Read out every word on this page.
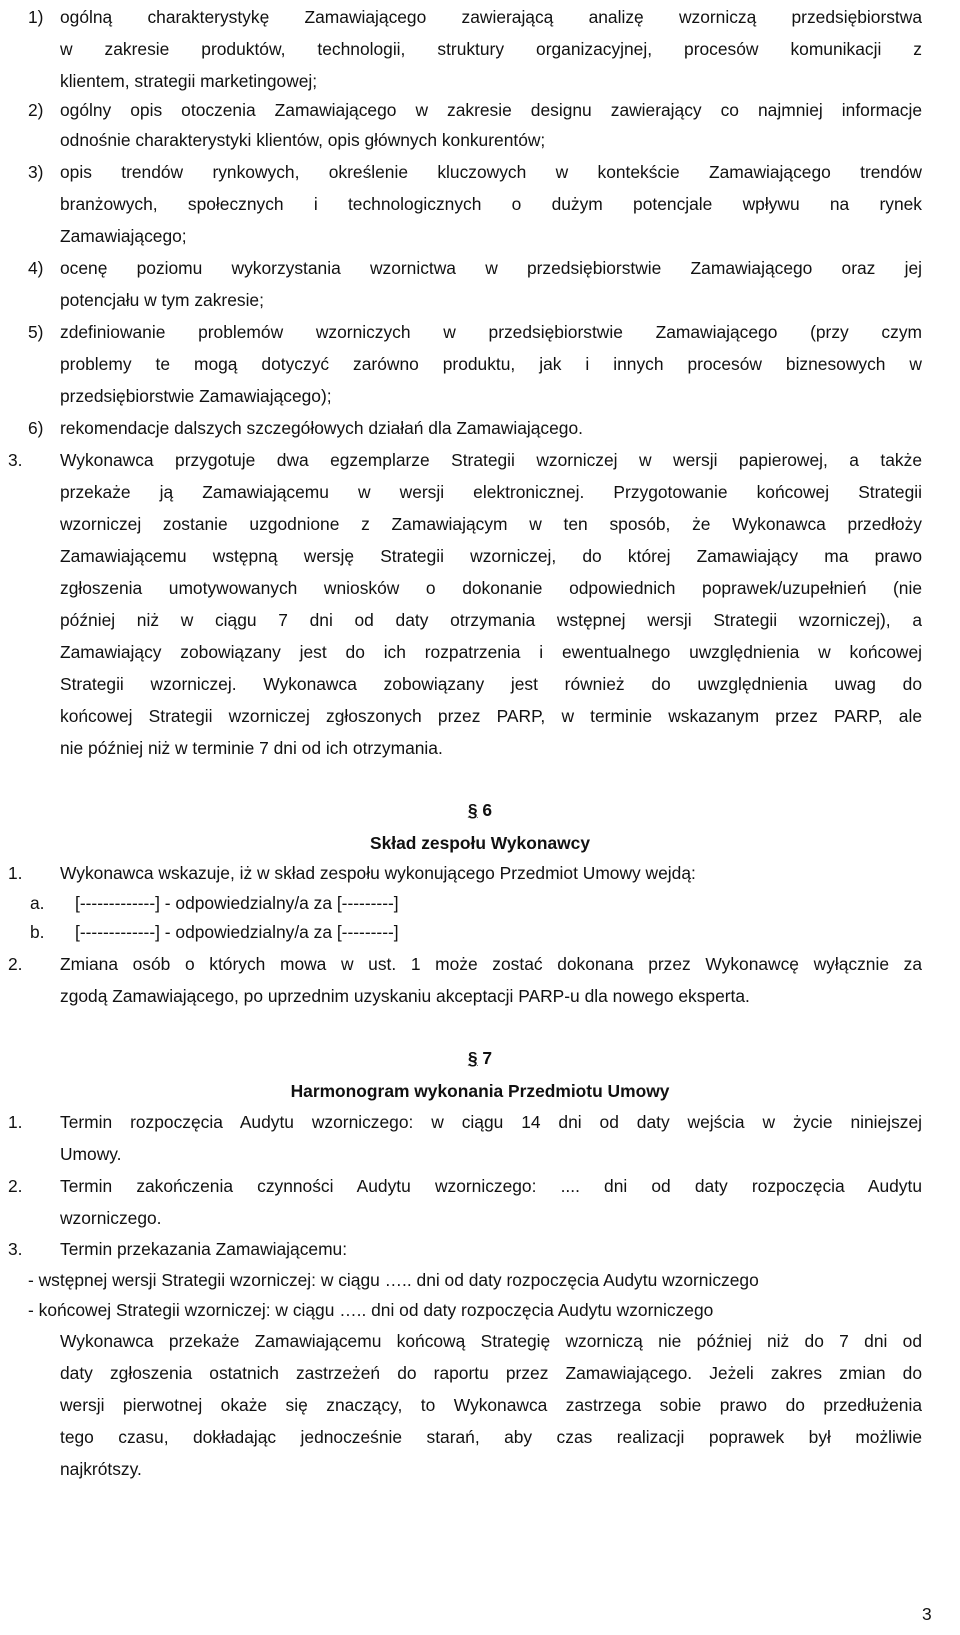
1) ogólną charakterystykę Zamawiającego zawierającą analizę wzorniczą przedsiębiorstwa
w zakresie produktów, technologii, struktury organizacyjnej, procesów komunikacji z
klientem, strategii marketingowej;
2) ogólny opis otoczenia Zamawiającego w zakresie designu zawierający co najmniej informacje
odnośnie charakterystyki klientów, opis głównych konkurentów;
3) opis trendów rynkowych, określenie kluczowych w kontekście Zamawiającego trendów
branżowych, społecznych i technologicznych o dużym potencjale wpływu na rynek
Zamawiającego;
4) ocenę poziomu wykorzystania wzornictwa w przedsiębiorstwie Zamawiającego oraz jej
potencjału w tym zakresie;
5) zdefiniowanie problemów wzorniczych w przedsiębiorstwie Zamawiającego (przy czym
problemy te mogą dotyczyć zarówno produktu, jak i innych procesów biznesowych w
przedsiębiorstwie Zamawiającego);
6) rekomendacje dalszych szczegółowych działań dla Zamawiającego.
3. Wykonawca przygotuje dwa egzemplarze Strategii wzorniczej w wersji papierowej, a także
przekaże ją Zamawiającemu w wersji elektronicznej. Przygotowanie końcowej Strategii
wzorniczej zostanie uzgodnione z Zamawiającym w ten sposób, że Wykonawca przedłoży
Zamawiającemu wstępną wersję Strategii wzorniczej, do której Zamawiający ma prawo
zgłoszenia umotywowanych wniosków o dokonanie odpowiednich poprawek/uzupełnień (nie
później niż w ciągu 7 dni od daty otrzymania wstępnej wersji Strategii wzorniczej), a
Zamawiający zobowiązany jest do ich rozpatrzenia i ewentualnego uwzględnienia w końcowej
Strategii wzorniczej. Wykonawca zobowiązany jest również do uwzględnienia uwag do
końcowej Strategii wzorniczej zgłoszonych przez PARP, w terminie wskazanym przez PARP, ale
nie później niż w terminie 7 dni od ich otrzymania.
§ 6
Skład zespołu Wykonawcy
1. Wykonawca wskazuje, iż w skład zespołu wykonującego Przedmiot Umowy wejdą:
a. [-------------] - odpowiedzialny/a za [---------]
b. [-------------] - odpowiedzialny/a za [---------]
2. Zmiana osób o których mowa w ust. 1 może zostać dokonana przez Wykonawcę wyłącznie za
zgodą Zamawiającego, po uprzednim uzyskaniu akceptacji PARP-u dla nowego eksperta.
§ 7
Harmonogram wykonania Przedmiotu Umowy
1. Termin rozpoczęcia Audytu wzorniczego: w ciągu 14 dni od daty wejścia w życie niniejszej
Umowy.
2. Termin zakończenia czynności Audytu wzorniczego: .... dni od daty rozpoczęcia Audytu
wzorniczego.
3. Termin przekazania Zamawiającemu:
- wstępnej wersji Strategii wzorniczej: w ciągu ….. dni od daty rozpoczęcia Audytu wzorniczego
- końcowej Strategii wzorniczej: w ciągu ….. dni od daty rozpoczęcia Audytu wzorniczego
Wykonawca przekaże Zamawiającemu końcową Strategię wzorniczą nie później niż do 7 dni od
daty zgłoszenia ostatnich zastrzeżeń do raportu przez Zamawiającego. Jeżeli zakres zmian do
wersji pierwotnej okaże się znaczący, to Wykonawca zastrzega sobie prawo do przedłużenia
tego czasu, dokładając jednocześnie starań, aby czas realizacji poprawek był możliwie
najkrótszy.
3
